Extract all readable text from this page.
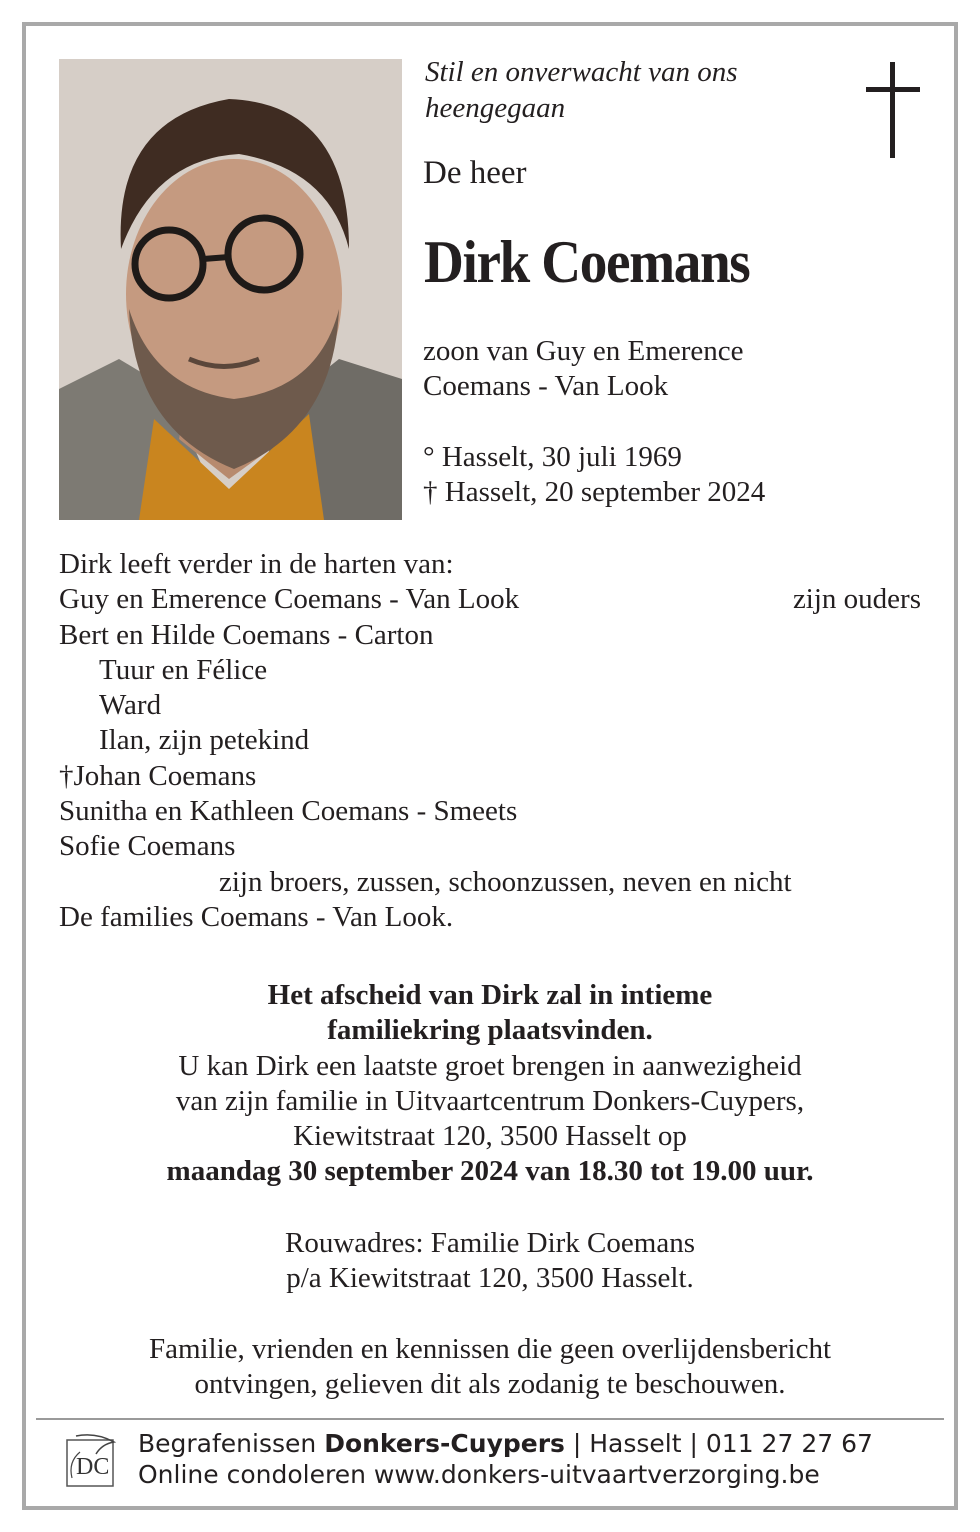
Stil en onverwacht van ons
heengegaan
De heer
Dirk Coemans
zoon van Guy en Emerence
Coemans - Van Look
° Hasselt, 30 juli 1969
† Hasselt, 20 september 2024
Dirk leeft verder in de harten van:
Guy en Emerence Coemans - Van Look	zijn ouders
Bert en Hilde Coemans - Carton
Tuur en Félice
Ward
Ilan, zijn petekind
†Johan Coemans
Sunitha en Kathleen Coemans - Smeets
Sofie Coemans
zijn broers, zussen, schoonzussen, neven en nicht
De families Coemans - Van Look.
Het afscheid van Dirk zal in intieme
familiekring plaatsvinden.
U kan Dirk een laatste groet brengen in aanwezigheid
van zijn familie in Uitvaartcentrum Donkers-Cuypers,
Kiewitstraat 120, 3500 Hasselt op
maandag 30 september 2024 van 18.30 tot 19.00 uur.
Rouwadres: Familie Dirk Coemans
p/a Kiewitstraat 120, 3500 Hasselt.
Familie, vrienden en kennissen die geen overlijdensbericht
ontvingen, gelieven dit als zodanig te beschouwen.
DC
Begrafenissen Donkers-Cuypers | Hasselt | 011 27 27 67
Online condoleren www.donkers-uitvaartverzorging.be
